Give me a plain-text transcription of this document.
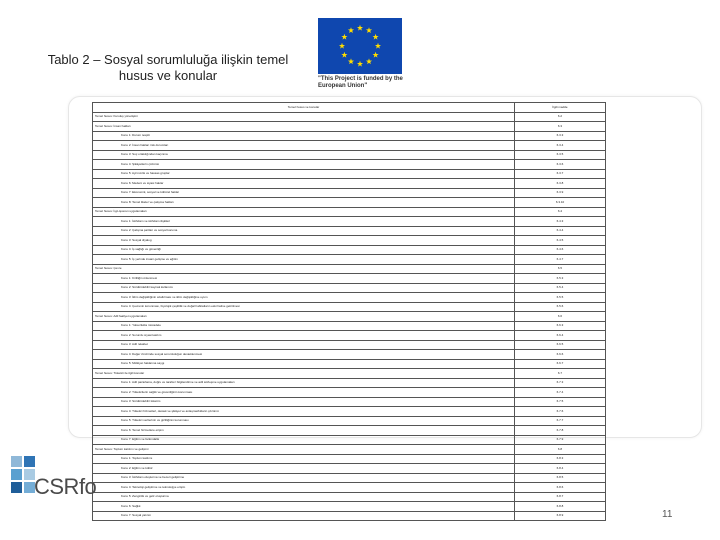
Tablo 2 – Sosyal sorumluluğa ilişkin temel
husus ve konular	"This Project is funded by the
European Union"
Temel husus ve konular	İlgili madde
Temel husus: Kuruluş yönetişimi	6.2
Temel husus: İnsan hakları	6.3
Konu 1: Durum tespiti	6.3.3
Konu 2: İnsan hakları risk durumları	6.3.4
Konu 3: Suç ortaklığından kaçınma	6.3.5
Konu 4: Şikâyetlerin çözümü	6.3.6
Konu 5: Ayrımcılık ve hassas gruplar	6.3.7
Konu 6: Medeni ve siyasi haklar	6.3.8
Konu 7: Ekonomik, sosyal ve kültürel haklar	6.3.9
Konu 8: Temel ilkeler ve çalışma hakları	6.3.10
Temel husus: İşçi-işveren uygulamaları	6.4
Konu 1: İstihdam ve istihdam ilişkileri	6.4.3
Konu 2: Çalışma şartları ve sosyal koruma	6.4.4
Konu 3: Sosyal diyalog	6.4.5
Konu 4: İş sağlığı ve güvenliği	6.4.6
Konu 5: İş yerinde insani gelişme ve eğitim	6.4.7
Temel husus: Çevre	6.5
Konu 1: Kirliliğin önlenmesi	6.5.3
Konu 2: Sürdürülebilir kaynak kullanımı	6.5.4
Konu 3: İklim değişikliğinin azaltılması ve iklim değişikliğine uyum	6.5.5
Konu 4: Çevrenin korunması, biyolojik çeşitlilik ve doğal habitatların eski haline getirilmesi	6.5.6
Temel husus: Adil faaliyet uygulamaları	6.6
Konu 1: Yolsuzlukla mücadele	6.6.3
Konu 2: Sorumlu siyasi katılım	6.6.4
Konu 3: Adil rekabet	6.6.5
Konu 4: Değer zincirinde sosyal sorumluluğun desteklenmesi	6.6.6
Konu 5: Mülkiyet haklarına saygı	6.6.7
Temel husus: Tüketici ile ilgili konular	6.7
Konu 1: Adil pazarlama, doğru ve tarafsız bilgilendirme ve adil sözleşme uygulamaları	6.7.3
Konu 2: Tüketicilerin sağlık ve güvenliğinin korunması	6.7.4
Konu 3: Sürdürülebilir tüketim	6.7.5
Konu 4: Tüketici hizmetleri, destek ve şikâyet ve anlaşmazlıkların çözümü	6.7.6
Konu 5: Tüketici verilerinin ve gizliliğinin korunması	6.7.7
Konu 6: Temel hizmetlere erişim	6.7.8
Konu 7: Eğitim ve farkındalık	6.7.9
Temel husus: Toplum katılımı ve gelişimi	6.8
Konu 1: Toplum katılımı	6.8.3
Konu 2: Eğitim ve kültür	6.8.4
Konu 3: İstihdam oluşturma ve beceri geliştirme	6.8.5
Konu 4: Teknoloji geliştirme ve teknolojiye erişim	6.8.6
Konu 5: Zenginlik ve gelir oluşturma	6.8.7
Konu 6: Sağlık	6.8.8
Konu 7: Sosyal yatırım	6.8.9
CSRfo
11
